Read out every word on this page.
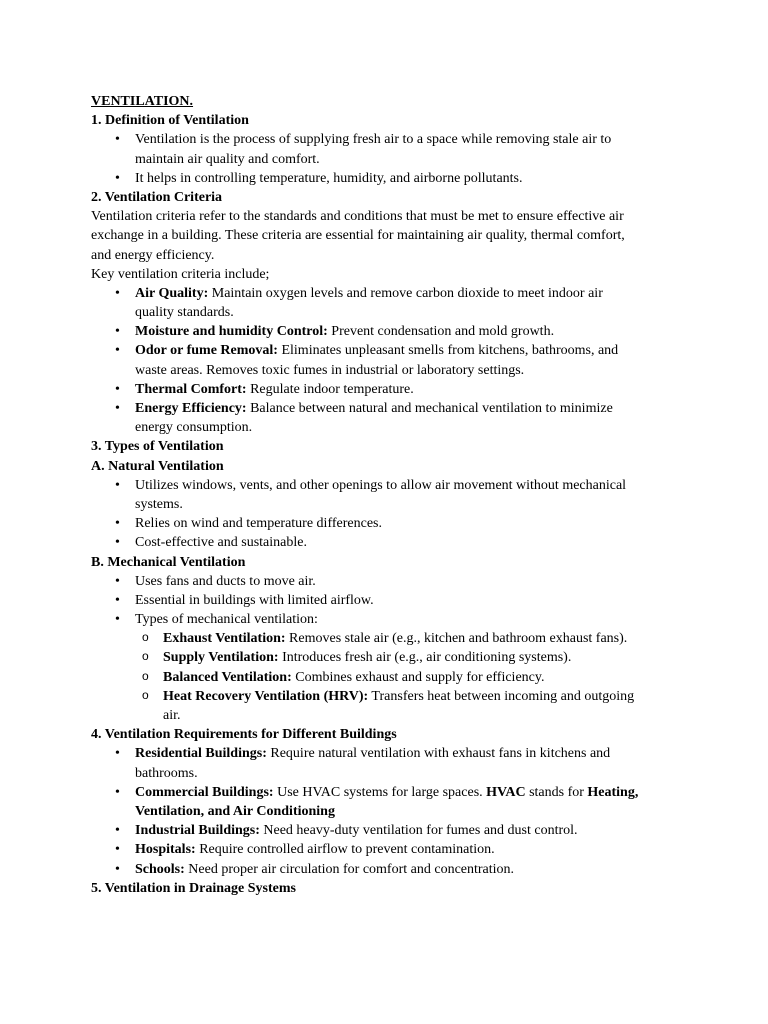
VENTILATION.
1. Definition of Ventilation
• Ventilation is the process of supplying fresh air to a space while removing stale air to
maintain air quality and comfort.
• It helps in controlling temperature, humidity, and airborne pollutants.
2. Ventilation Criteria
Ventilation criteria refer to the standards and conditions that must be met to ensure effective air
exchange in a building. These criteria are essential for maintaining air quality, thermal comfort,
and energy efficiency.
Key ventilation criteria include;
• Air Quality: Maintain oxygen levels and remove carbon dioxide to meet indoor air
quality standards.
• Moisture and humidity Control: Prevent condensation and mold growth.
• Odor or fume Removal: Eliminates unpleasant smells from kitchens, bathrooms, and
waste areas. Removes toxic fumes in industrial or laboratory settings.
• Thermal Comfort: Regulate indoor temperature.
• Energy Efficiency: Balance between natural and mechanical ventilation to minimize
energy consumption.
3. Types of Ventilation
A. Natural Ventilation
• Utilizes windows, vents, and other openings to allow air movement without mechanical
systems.
• Relies on wind and temperature differences.
• Cost-effective and sustainable.
B. Mechanical Ventilation
• Uses fans and ducts to move air.
• Essential in buildings with limited airflow.
• Types of mechanical ventilation:
o Exhaust Ventilation: Removes stale air (e.g., kitchen and bathroom exhaust fans).
o Supply Ventilation: Introduces fresh air (e.g., air conditioning systems).
o Balanced Ventilation: Combines exhaust and supply for efficiency.
o Heat Recovery Ventilation (HRV): Transfers heat between incoming and outgoing
air.
4. Ventilation Requirements for Different Buildings
• Residential Buildings: Require natural ventilation with exhaust fans in kitchens and
bathrooms.
• Commercial Buildings: Use HVAC systems for large spaces. HVAC stands for Heating,
Ventilation, and Air Conditioning
• Industrial Buildings: Need heavy-duty ventilation for fumes and dust control.
• Hospitals: Require controlled airflow to prevent contamination.
• Schools: Need proper air circulation for comfort and concentration.
5. Ventilation in Drainage Systems
